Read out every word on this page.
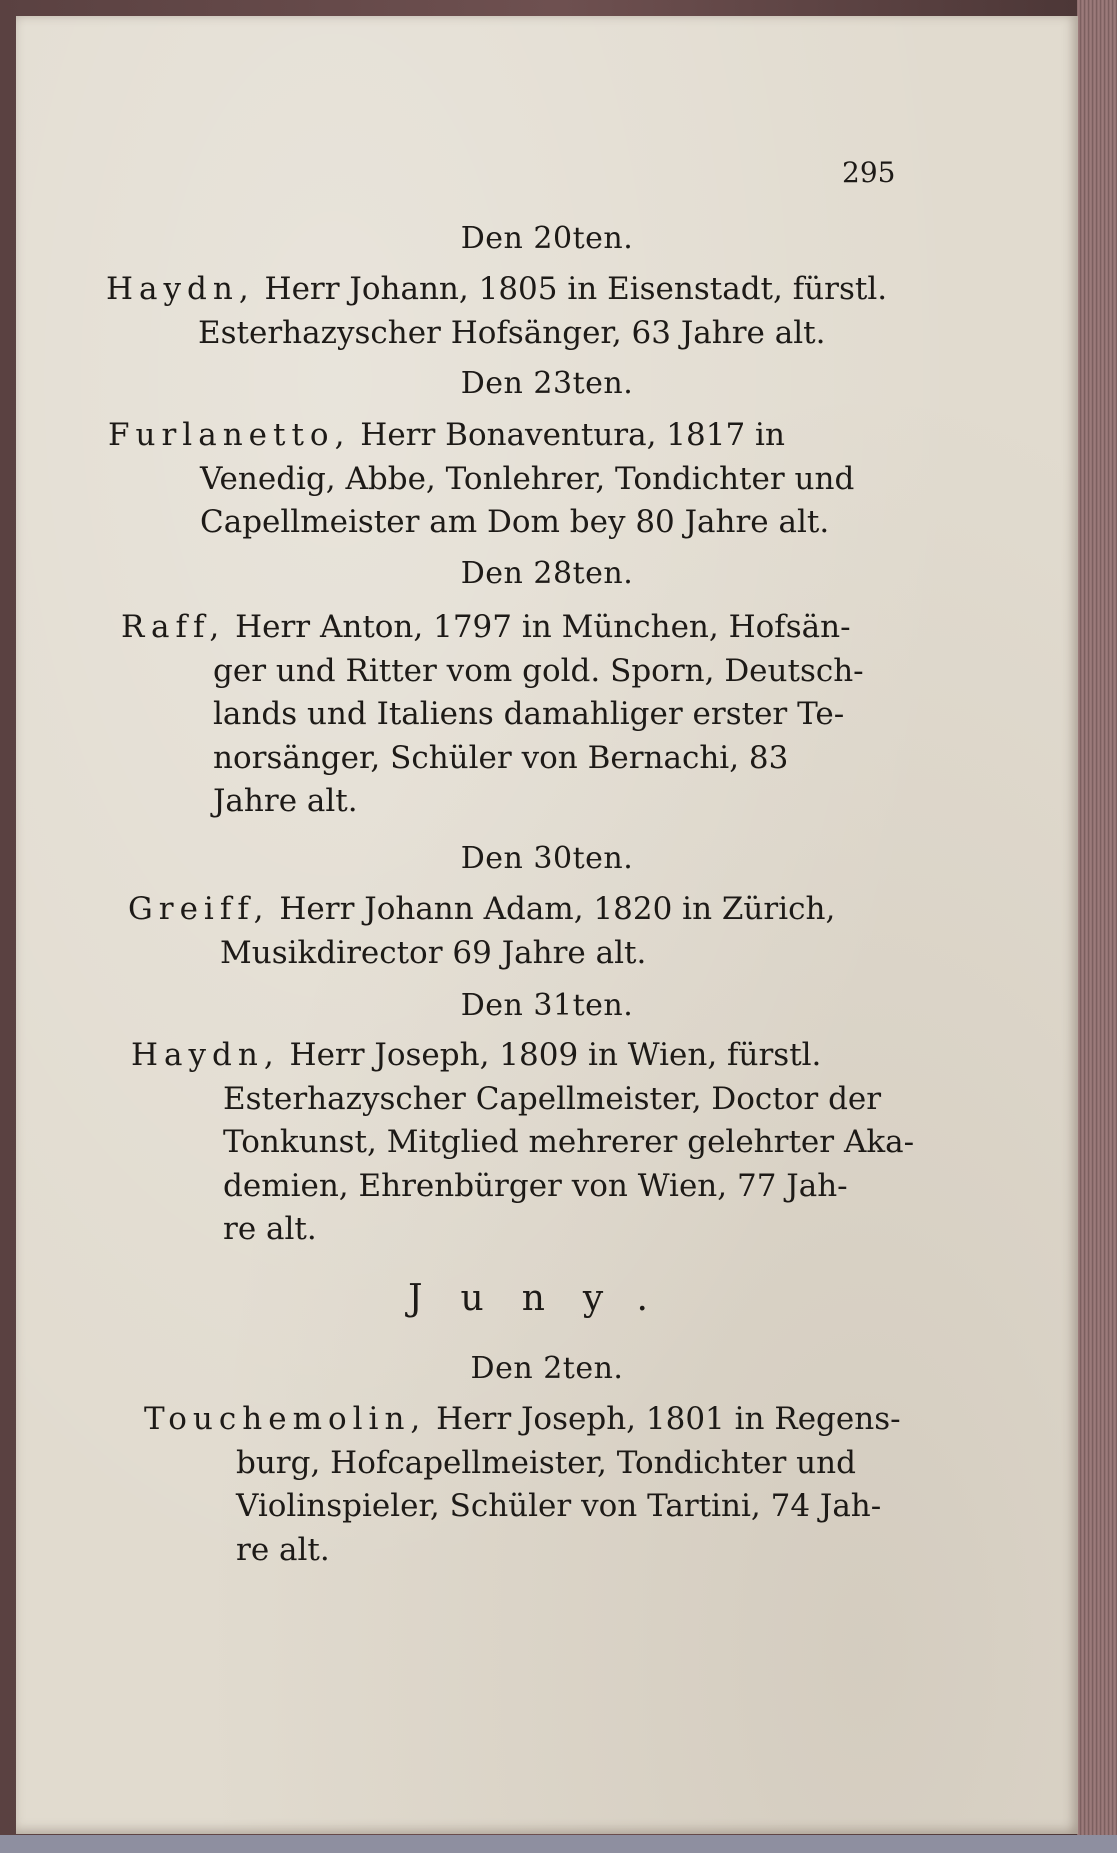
295
Den 20ten.
Haydn, Herr Johann, 1805 in Eisenstadt, fürstl.
Esterhazyscher Hofsänger, 63 Jahre alt.
Den 23ten.
Furlanetto, Herr Bonaventura, 1817 in
Venedig, Abbe, Tonlehrer, Tondichter und
Capellmeister am Dom bey 80 Jahre alt.
Den 28ten.
Raff, Herr Anton, 1797 in München, Hofsän-
ger und Ritter vom gold. Sporn, Deutsch-
lands und Italiens damahliger erster Te-
norsänger, Schüler von Bernachi, 83
Jahre alt.
Den 30ten.
Greiff, Herr Johann Adam, 1820 in Zürich,
Musikdirector 69 Jahre alt.
Den 31ten.
Haydn, Herr Joseph, 1809 in Wien, fürstl.
Esterhazyscher Capellmeister, Doctor der
Tonkunst, Mitglied mehrerer gelehrter Aka-
demien, Ehrenbürger von Wien, 77 Jah-
re alt.
Juny.
Den 2ten.
Touchemolin, Herr Joseph, 1801 in Regens-
burg, Hofcapellmeister, Tondichter und
Violinspieler, Schüler von Tartini, 74 Jah-
re alt.
